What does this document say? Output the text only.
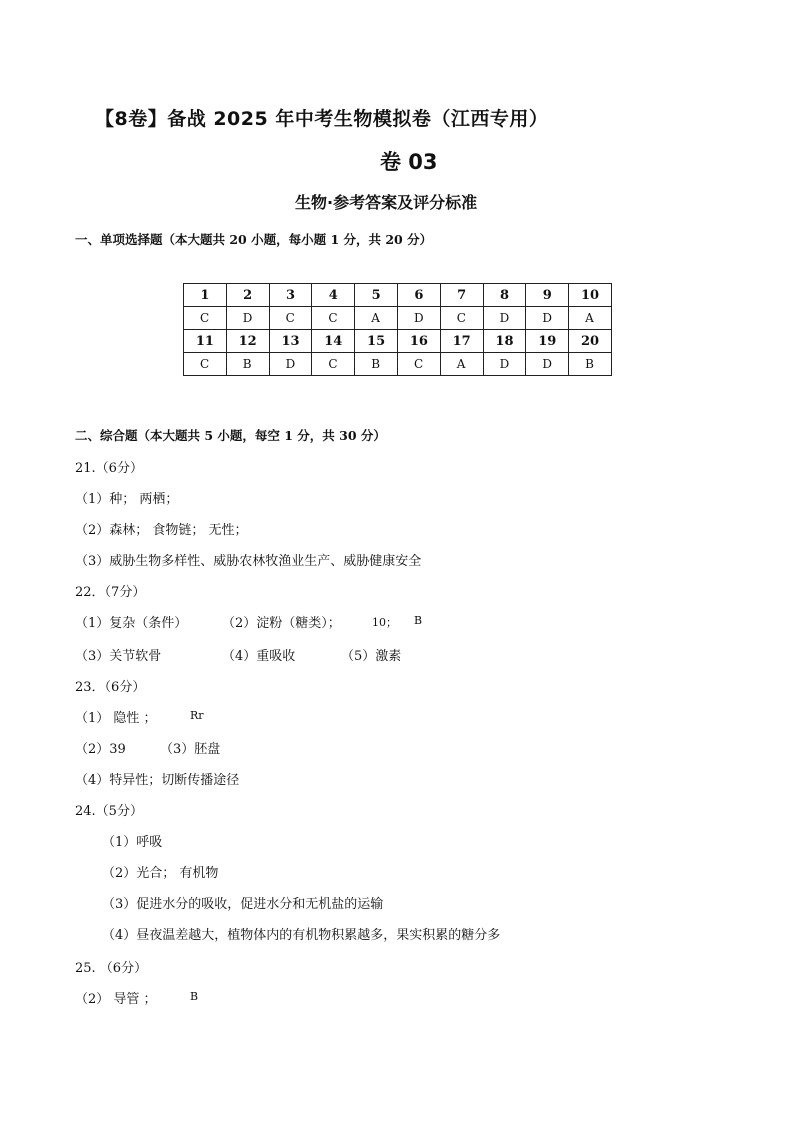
【8卷】备战 2025 年中考生物模拟卷（江西专用）
卷 03
生物·参考答案及评分标准
一、单项选择题（本大题共 20 小题，每小题 1 分，共 20 分）
1	2	3	4	5	6	7	8	9	10
C	D	C	C	A	D	C	D	D	A
11	12	13	14	15	16	17	18	19	20
C	B	D	C	B	C	A	D	D	B
二、综合题（本大题共 5 小题，每空 1 分，共 30 分）
21.（6分）
（1）种； 两栖；
（2）森林； 食物链； 无性；
（3）威胁生物多样性、威胁农林牧渔业生产、威胁健康安全
22．（7分）
（1）复杂（条件）	（2）淀粉（糖类）；	10； B
（3）关节软骨	（4）重吸收	（5）激素
23．（6分）
（1） 隐性 ；	Rr
（2）39	（3）胚盘
（4）特异性；切断传播途径
24.（5分）
（1）呼吸
（2）光合； 有机物
（3）促进水分的吸收，促进水分和无机盐的运输
（4）昼夜温差越大，植物体内的有机物积累越多，果实积累的糖分多
25. （6分）
（2） 导管 ；	B
